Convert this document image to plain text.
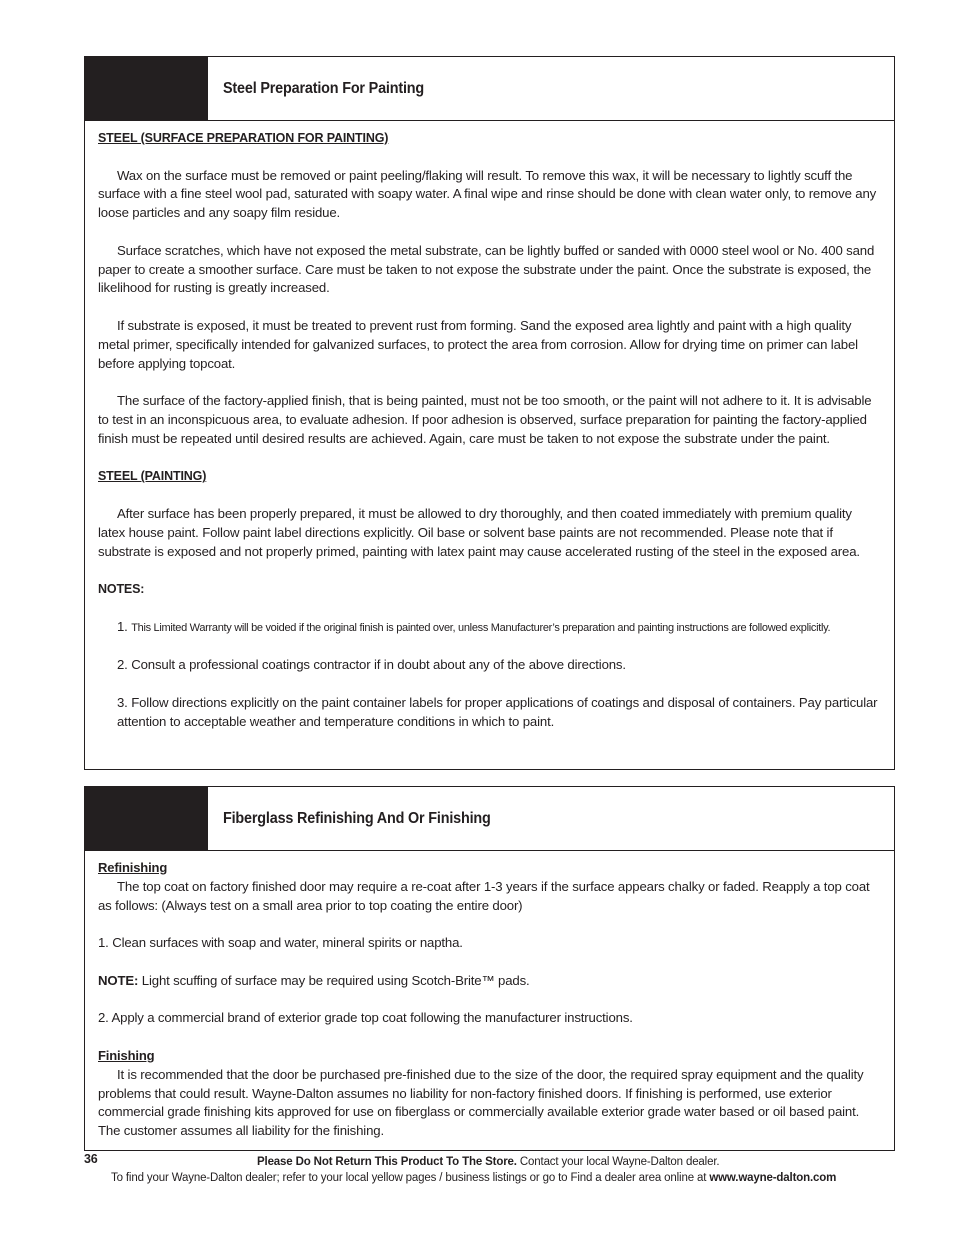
Steel Preparation For Painting

STEEL (SURFACE PREPARATION FOR PAINTING)

Wax on the surface must be removed or paint peeling/flaking will result. To remove this wax, it will be necessary to lightly scuff the surface with a fine steel wool pad, saturated with soapy water. A final wipe and rinse should be done with clean water only, to remove any loose particles and any soapy film residue.

Surface scratches, which have not exposed the metal substrate, can be lightly buffed or sanded with 0000 steel wool or No. 400 sand paper to create a smoother surface. Care must be taken to not expose the substrate under the paint. Once the substrate is exposed, the likelihood for rusting is greatly increased.

If substrate is exposed, it must be treated to prevent rust from forming. Sand the exposed area lightly and paint with a high quality metal primer, specifically intended for galvanized surfaces, to protect the area from corrosion. Allow for drying time on primer can label before applying topcoat.

The surface of the factory-applied finish, that is being painted, must not be too smooth, or the paint will not adhere to it. It is advisable to test in an inconspicuous area, to evaluate adhesion. If poor adhesion is observed, surface preparation for painting the factory-applied finish must be repeated until desired results are achieved. Again, care must be taken to not expose the substrate under the paint.

STEEL (PAINTING)

After surface has been properly prepared, it must be allowed to dry thoroughly, and then coated immediately with premium quality latex house paint. Follow paint label directions explicitly. Oil base or solvent base paints are not recommended. Please note that if substrate is exposed and not properly primed, painting with latex paint may cause accelerated rusting of the steel in the exposed area.

NOTES:

1. This Limited Warranty will be voided if the original finish is painted over, unless Manufacturer’s preparation and painting instructions are followed explicitly.

2. Consult a professional coatings contractor if in doubt about any of the above directions.

3. Follow directions explicitly on the paint container labels for proper applications of coatings and disposal of containers. Pay particular attention to acceptable weather and temperature conditions in which to paint.

Fiberglass Refinishing And Or Finishing

Refinishing

The top coat on factory finished door may require a re-coat after 1-3 years if the surface appears chalky or faded. Reapply a top coat as follows: (Always test on a small area prior to top coating the entire door)

1. Clean surfaces with soap and water, mineral spirits or naptha.

NOTE: Light scuffing of surface may be required using Scotch-Brite™ pads.

2. Apply a commercial brand of exterior grade top coat following the manufacturer instructions.

Finishing

It is recommended that the door be purchased pre-finished due to the size of the door, the required spray equipment and the quality problems that could result. Wayne-Dalton assumes no liability for non-factory finished doors. If finishing is performed, use exterior commercial grade finishing kits approved for use on fiberglass or commercially available exterior grade water based or oil based paint. The customer assumes all liability for the finishing.

36	Please Do Not Return This Product To The Store. Contact your local Wayne-Dalton dealer.
To find your Wayne-Dalton dealer; refer to your local yellow pages / business listings or go to Find a dealer area online at www.wayne-dalton.com
